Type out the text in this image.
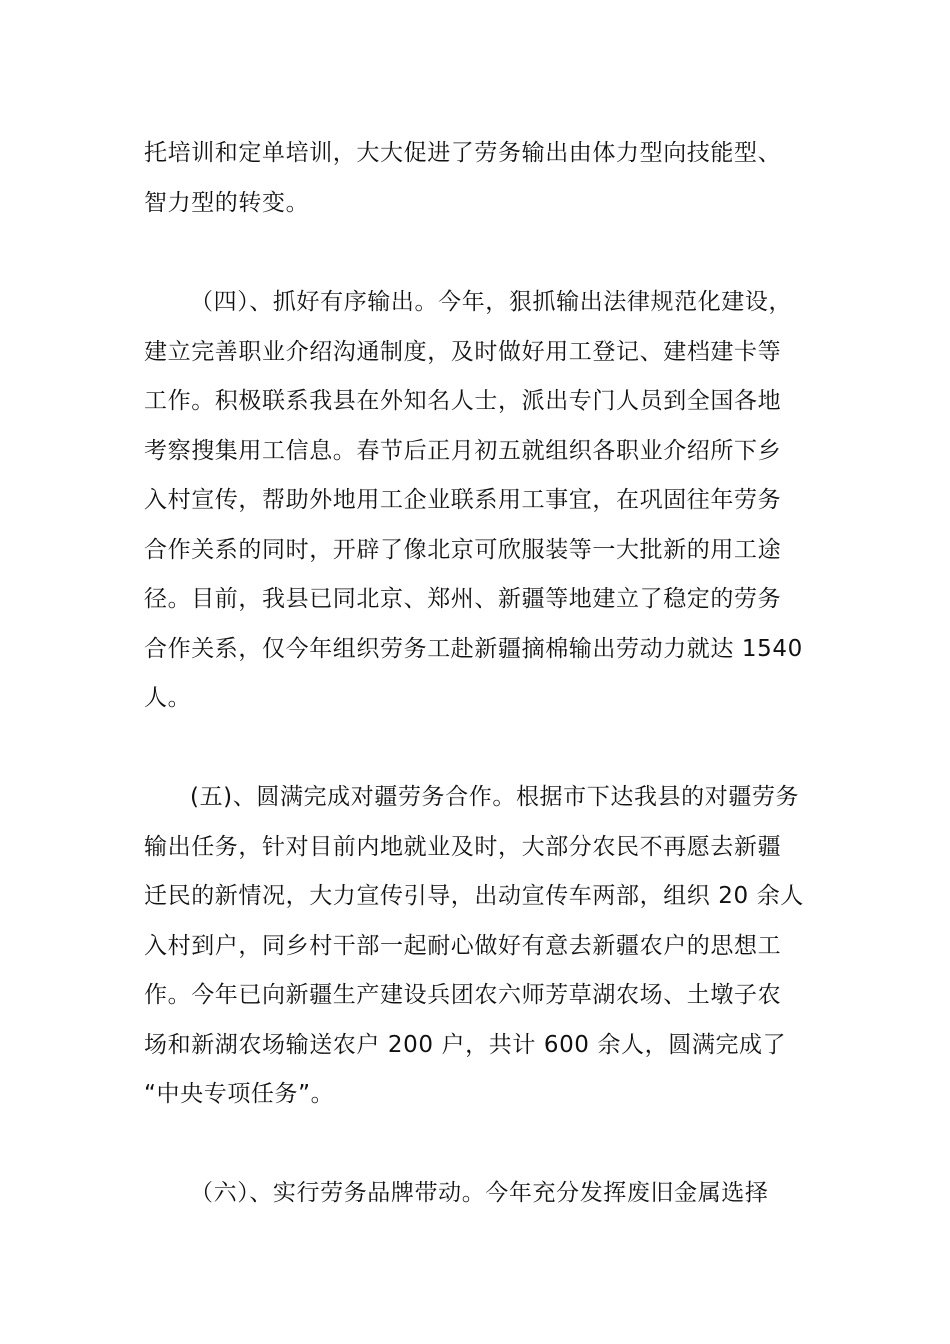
托培训和定单培训，大大促进了劳务输出由体力型向技能型、
智力型的转变。
（四）、抓好有序输出。今年，狠抓输出法律规范化建设，
建立完善职业介绍沟通制度，及时做好用工登记、建档建卡等
工作。积极联系我县在外知名人士，派出专门人员到全国各地
考察搜集用工信息。春节后正月初五就组织各职业介绍所下乡
入村宣传，帮助外地用工企业联系用工事宜，在巩固往年劳务
合作关系的同时，开辟了像北京可欣服装等一大批新的用工途
径。目前，我县已同北京、郑州、新疆等地建立了稳定的劳务
合作关系，仅今年组织劳务工赴新疆摘棉输出劳动力就达 1540
人。
(五)、圆满完成对疆劳务合作。根据市下达我县的对疆劳务
输出任务，针对目前内地就业及时，大部分农民不再愿去新疆
迁民的新情况，大力宣传引导，出动宣传车两部，组织 20 余人
入村到户，同乡村干部一起耐心做好有意去新疆农户的思想工
作。今年已向新疆生产建设兵团农六师芳草湖农场、土墩子农
场和新湖农场输送农户 200 户，共计 600 余人，圆满完成了
“中央专项任务”。
（六）、实行劳务品牌带动。今年充分发挥废旧金属选择
